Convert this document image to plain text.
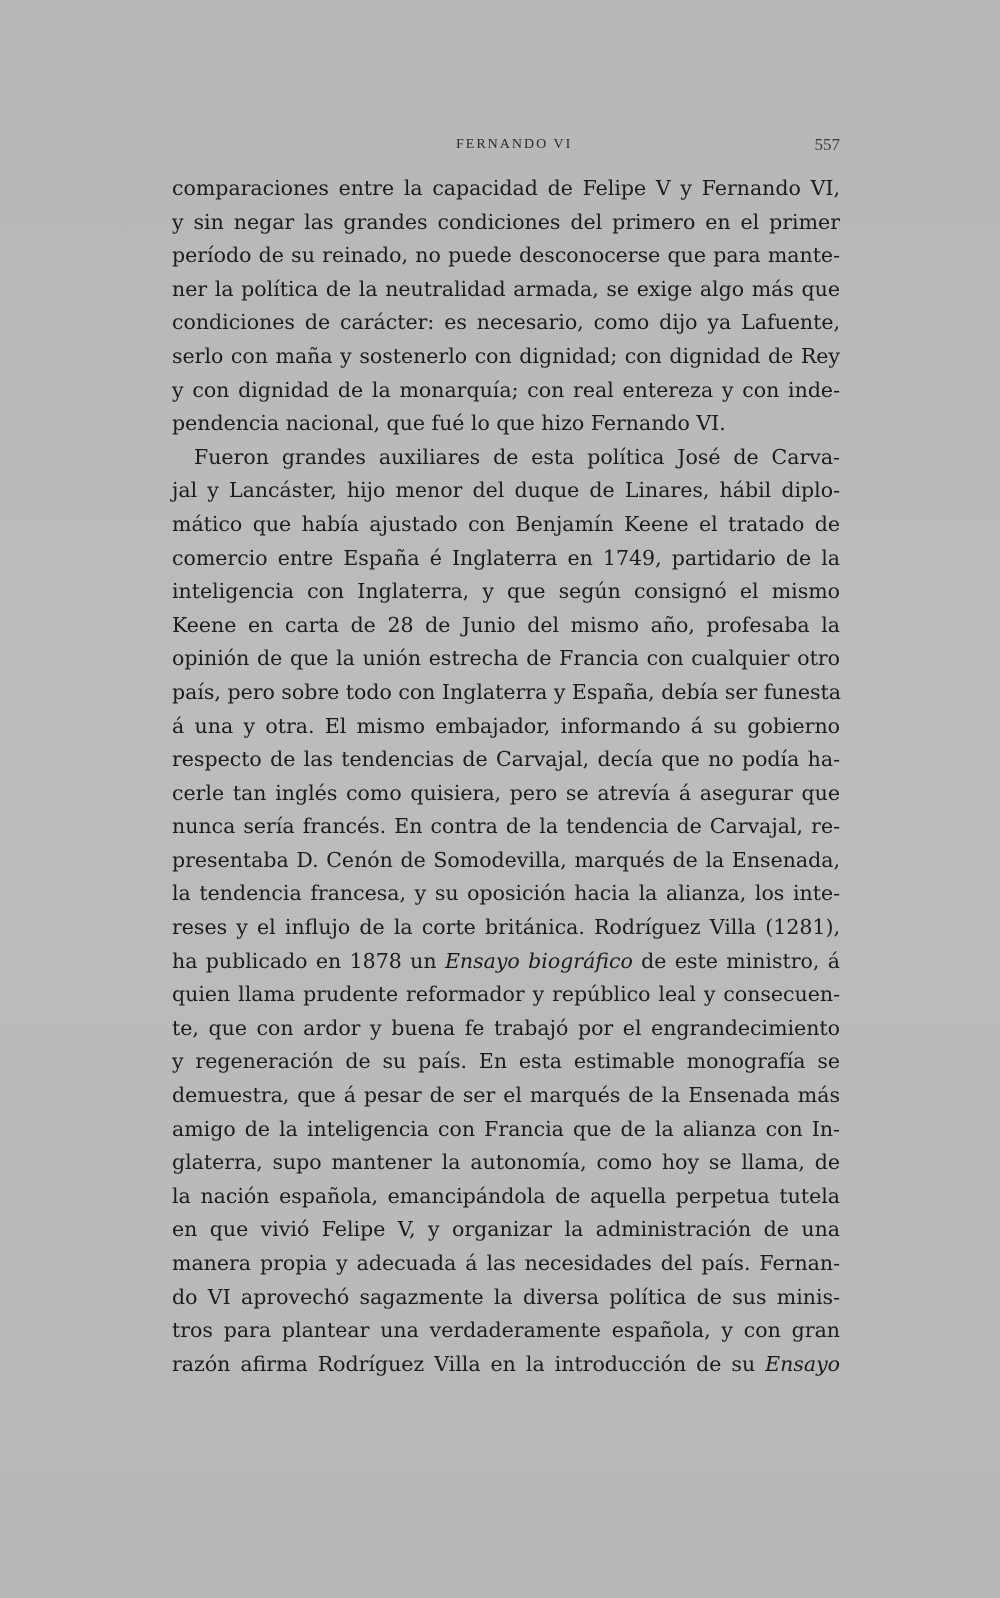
FERNANDO VI	557
comparaciones entre la capacidad de Felipe V y Fernando VI,
y sin negar las grandes condiciones del primero en el primer
período de su reinado, no puede desconocerse que para mante-
ner la política de la neutralidad armada, se exige algo más que
condiciones de carácter: es necesario, como dijo ya Lafuente,
serlo con maña y sostenerlo con dignidad; con dignidad de Rey
y con dignidad de la monarquía; con real entereza y con inde-
pendencia nacional, que fué lo que hizo Fernando VI.
Fueron grandes auxiliares de esta política José de Carva-
jal y Lancáster, hijo menor del duque de Linares, hábil diplo-
mático que había ajustado con Benjamín Keene el tratado de
comercio entre España é Inglaterra en 1749, partidario de la
inteligencia con Inglaterra, y que según consignó el mismo
Keene en carta de 28 de Junio del mismo año, profesaba la
opinión de que la unión estrecha de Francia con cualquier otro
país, pero sobre todo con Inglaterra y España, debía ser funesta
á una y otra. El mismo embajador, informando á su gobierno
respecto de las tendencias de Carvajal, decía que no podía ha-
cerle tan inglés como quisiera, pero se atrevía á asegurar que
nunca sería francés. En contra de la tendencia de Carvajal, re-
presentaba D. Cenón de Somodevilla, marqués de la Ensenada,
la tendencia francesa, y su oposición hacia la alianza, los inte-
reses y el influjo de la corte británica. Rodríguez Villa (1281),
ha publicado en 1878 un Ensayo biográfico de este ministro, á
quien llama prudente reformador y repúblico leal y consecuen-
te, que con ardor y buena fe trabajó por el engrandecimiento
y regeneración de su país. En esta estimable monografía se
demuestra, que á pesar de ser el marqués de la Ensenada más
amigo de la inteligencia con Francia que de la alianza con In-
glaterra, supo mantener la autonomía, como hoy se llama, de
la nación española, emancipándola de aquella perpetua tutela
en que vivió Felipe V, y organizar la administración de una
manera propia y adecuada á las necesidades del país. Fernan-
do VI aprovechó sagazmente la diversa política de sus minis-
tros para plantear una verdaderamente española, y con gran
razón afirma Rodríguez Villa en la introducción de su Ensayo
